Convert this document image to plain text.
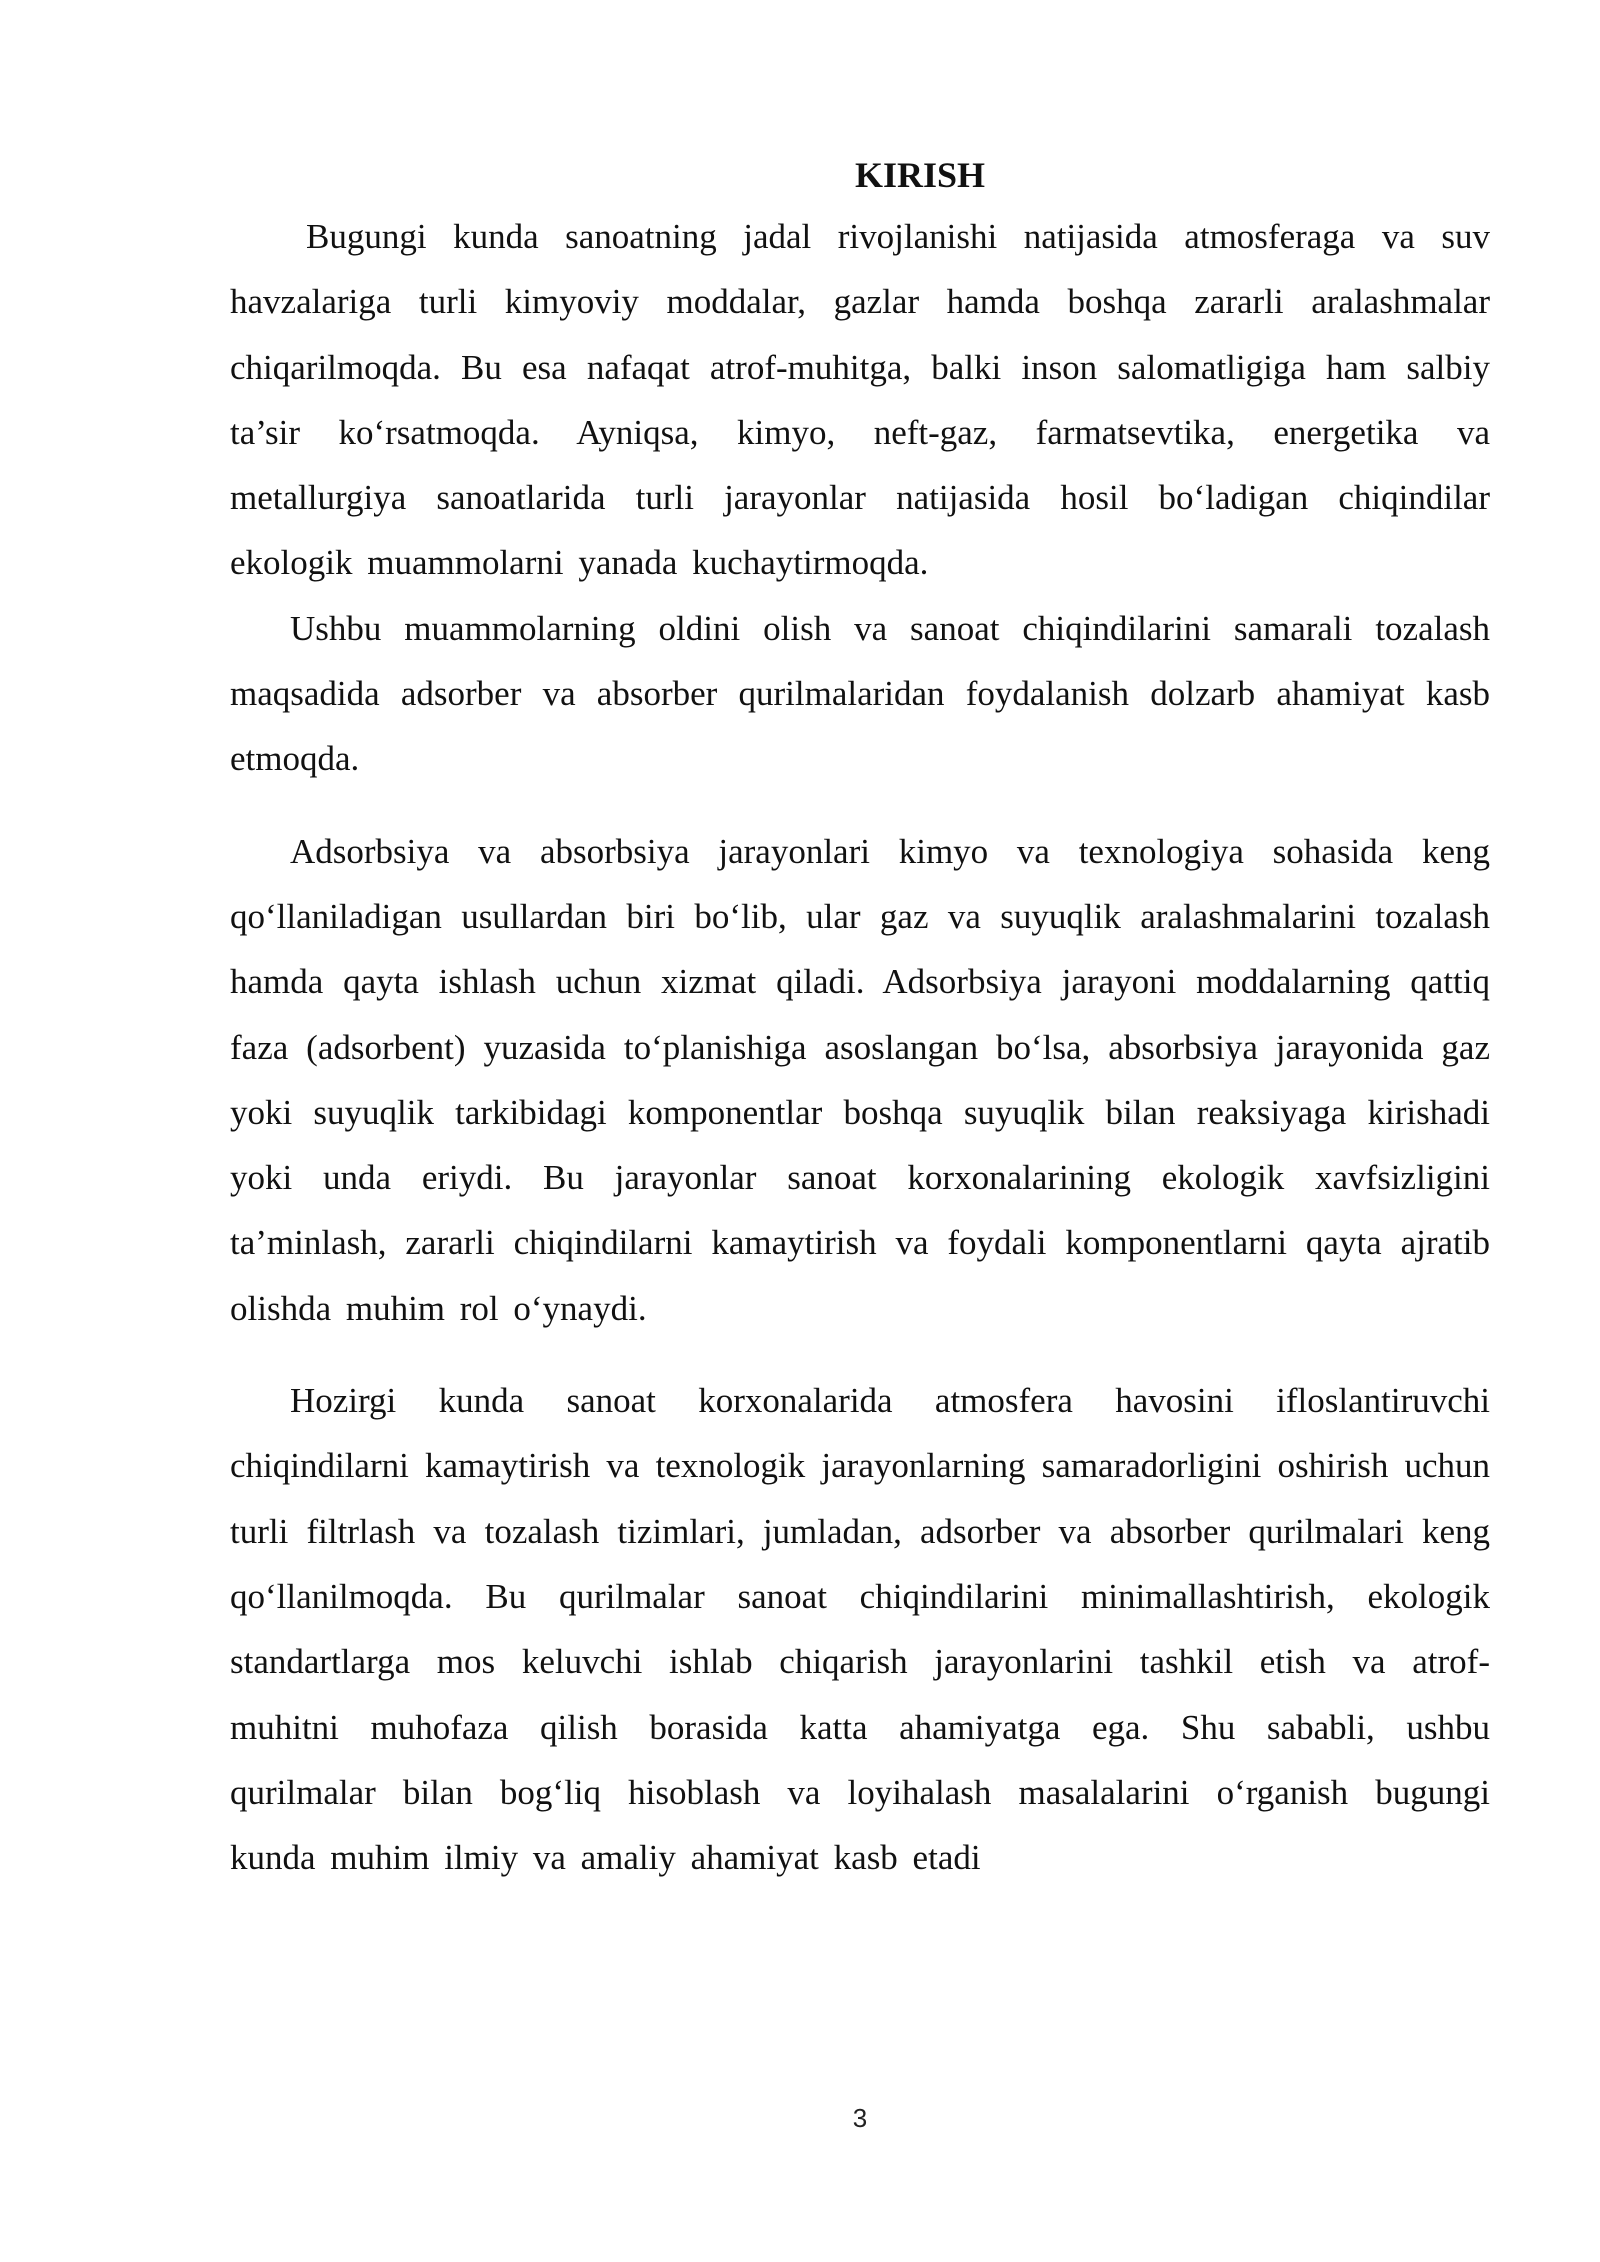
KIRISH

Bugungi kunda sanoatning jadal rivojlanishi natijasida atmosferaga va suv havzalariga turli kimyoviy moddalar, gazlar hamda boshqa zararli aralashmalar chiqarilmoqda. Bu esa nafaqat atrof-muhitga, balki inson salomatligiga ham salbiy ta’sir ko‘rsatmoqda. Ayniqsa, kimyo, neft-gaz, farmatsevtika, energetika va metallurgiya sanoatlarida turli jarayonlar natijasida hosil bo‘ladigan chiqindilar ekologik muammolarni yanada kuchaytirmoqda.

Ushbu muammolarning oldini olish va sanoat chiqindilarini samarali tozalash maqsadida adsorber va absorber qurilmalaridan foydalanish dolzarb ahamiyat kasb etmoqda.

Adsorbsiya va absorbsiya jarayonlari kimyo va texnologiya sohasida keng qo‘llaniladigan usullardan biri bo‘lib, ular gaz va suyuqlik aralashmalarini tozalash hamda qayta ishlash uchun xizmat qiladi. Adsorbsiya jarayoni moddalarning qattiq faza (adsorbent) yuzasida to‘planishiga asoslangan bo‘lsa, absorbsiya jarayonida gaz yoki suyuqlik tarkibidagi komponentlar boshqa suyuqlik bilan reaksiyaga kirishadi yoki unda eriydi. Bu jarayonlar sanoat korxonalarining ekologik xavfsizligini ta’minlash, zararli chiqindilarni kamaytirish va foydali komponentlarni qayta ajratib olishda muhim rol o‘ynaydi.

Hozirgi kunda sanoat korxonalarida atmosfera havosini ifloslantiruvchi chiqindilarni kamaytirish va texnologik jarayonlarning samaradorligini oshirish uchun turli filtrlash va tozalash tizimlari, jumladan, adsorber va absorber qurilmalari keng qo‘llanilmoqda. Bu qurilmalar sanoat chiqindilarini minimallashtirish, ekologik standartlarga mos keluvchi ishlab chiqarish jarayonlarini tashkil etish va atrof-muhitni muhofaza qilish borasida katta ahamiyatga ega. Shu sababli, ushbu qurilmalar bilan bog‘liq hisoblash va loyihalash masalalarini o‘rganish bugungi kunda muhim ilmiy va amaliy ahamiyat kasb etadi

3
